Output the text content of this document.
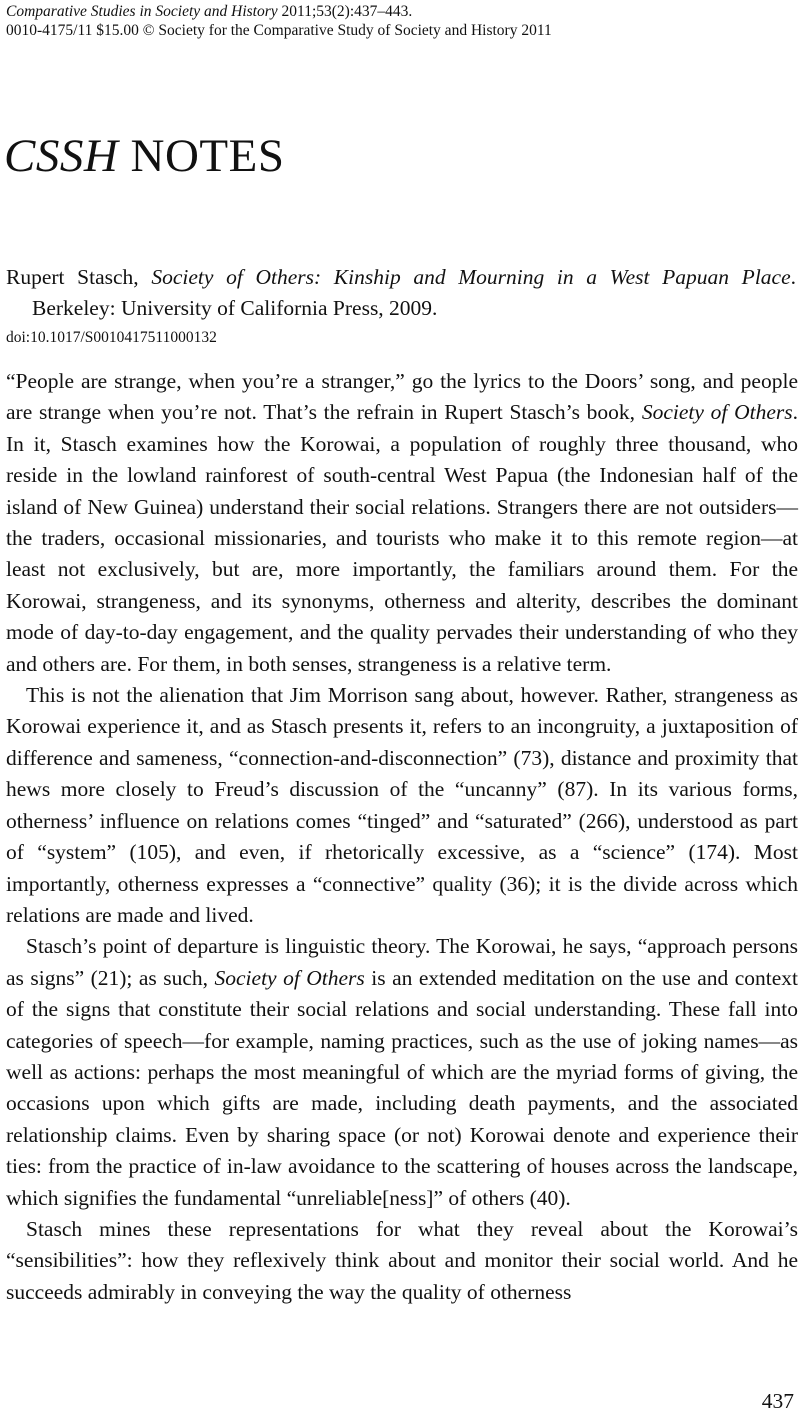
Comparative Studies in Society and History 2011;53(2):437–443.
0010-4175/11 $15.00 © Society for the Comparative Study of Society and History 2011
CSSH NOTES
Rupert Stasch, Society of Others: Kinship and Mourning in a West Papuan Place. Berkeley: University of California Press, 2009.
doi:10.1017/S0010417511000132

“People are strange, when you’re a stranger,” go the lyrics to the Doors’ song, and people are strange when you’re not. That’s the refrain in Rupert Stasch’s book, Society of Others. In it, Stasch examines how the Korowai, a population of roughly three thousand, who reside in the lowland rainforest of south-central West Papua (the Indonesian half of the island of New Guinea) understand their social relations. Strangers there are not outsiders—the traders, occasional missionaries, and tourists who make it to this remote region—at least not exclusively, but are, more importantly, the familiars around them. For the Korowai, strangeness, and its synonyms, otherness and alterity, describes the dominant mode of day-to-day engagement, and the quality pervades their understanding of who they and others are. For them, in both senses, strangeness is a relative term.

This is not the alienation that Jim Morrison sang about, however. Rather, strangeness as Korowai experience it, and as Stasch presents it, refers to an incongruity, a juxtaposition of difference and sameness, “connection-and-disconnection” (73), distance and proximity that hews more closely to Freud’s discussion of the “uncanny” (87). In its various forms, otherness’ influence on relations comes “tinged” and “saturated” (266), understood as part of “system” (105), and even, if rhetorically excessive, as a “science” (174). Most importantly, otherness expresses a “connective” quality (36); it is the divide across which relations are made and lived.

Stasch’s point of departure is linguistic theory. The Korowai, he says, “approach persons as signs” (21); as such, Society of Others is an extended meditation on the use and context of the signs that constitute their social relations and social understanding. These fall into categories of speech—for example, naming practices, such as the use of joking names—as well as actions: perhaps the most meaningful of which are the myriad forms of giving, the occasions upon which gifts are made, including death payments, and the associated relationship claims. Even by sharing space (or not) Korowai denote and experience their ties: from the practice of in-law avoidance to the scattering of houses across the landscape, which signifies the fundamental “unreliable[ness]” of others (40).

Stasch mines these representations for what they reveal about the Korowai’s “sensibilities”: how they reflexively think about and monitor their social world. And he succeeds admirably in conveying the way the quality of otherness

437
